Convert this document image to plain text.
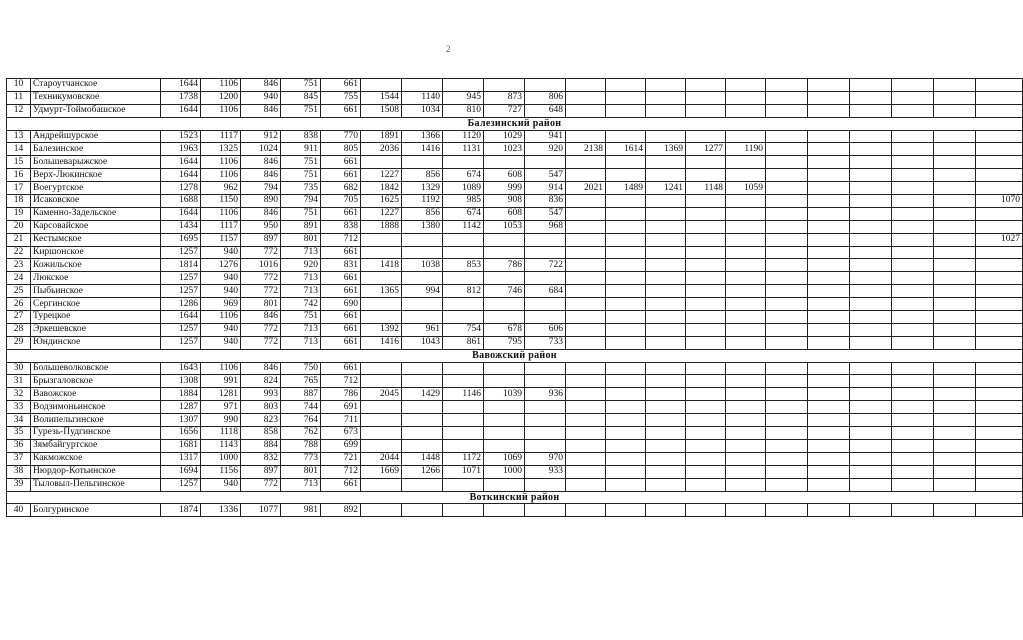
2
10	Староутчанское	1644	1106	846	751	661																
11	Техникумовское	1738	1200	940	845	755	1544	1140	945	873	806											
12	Удмурт-Тоймобашское	1644	1106	846	751	661	1508	1034	810	727	648											
Балезинский район																						
13	Андрейшурское	1523	1117	912	838	770	1891	1366	1120	1029	941											
14	Балезинское	1963	1325	1024	911	805	2036	1416	1131	1023	920	2138	1614	1369	1277	1190						
15	Большеварыжское	1644	1106	846	751	661																
16	Верх-Люкинское	1644	1106	846	751	661	1227	856	674	608	547											
17	Воегуртское	1278	962	794	735	682	1842	1329	1089	999	914	2021	1489	1241	1148	1059						
18	Исаковское	1688	1150	890	794	705	1625	1192	985	908	836											1070
19	Каменно-Задельское	1644	1106	846	751	661	1227	856	674	608	547											
20	Карсовайское	1434	1117	950	891	838	1888	1380	1142	1053	968											
21	Кестымское	1695	1157	897	801	712																1027
22	Киршонское	1257	940	772	713	661																
23	Кожильское	1814	1276	1016	920	831	1418	1038	853	786	722											
24	Люкское	1257	940	772	713	661																
25	Пыбьинское	1257	940	772	713	661	1365	994	812	746	684											
26	Сергинское	1286	969	801	742	690																
27	Турецкое	1644	1106	846	751	661																
28	Эркешевское	1257	940	772	713	661	1392	961	754	678	606											
29	Юндинское	1257	940	772	713	661	1416	1043	861	795	733											
Вавожский район																						
30	Большеволковское	1643	1106	846	750	661																
31	Брызгаловское	1308	991	824	765	712																
32	Вавожское	1884	1281	993	887	786	2045	1429	1146	1039	936											
33	Водзимоньинское	1287	971	803	744	691																
34	Волипельгинское	1307	990	823	764	711																
35	Гурезь-Пудгинское	1656	1118	858	762	673																
36	Зямбайгуртское	1681	1143	884	788	699																
37	Какможское	1317	1000	832	773	721	2044	1448	1172	1069	970											
38	Нюрдор-Котьинское	1694	1156	897	801	712	1669	1266	1071	1000	933											
39	Тыловыл-Пельгинское	1257	940	772	713	661																
Воткинский район																						
40	Болгуринское	1874	1336	1077	981	892																
